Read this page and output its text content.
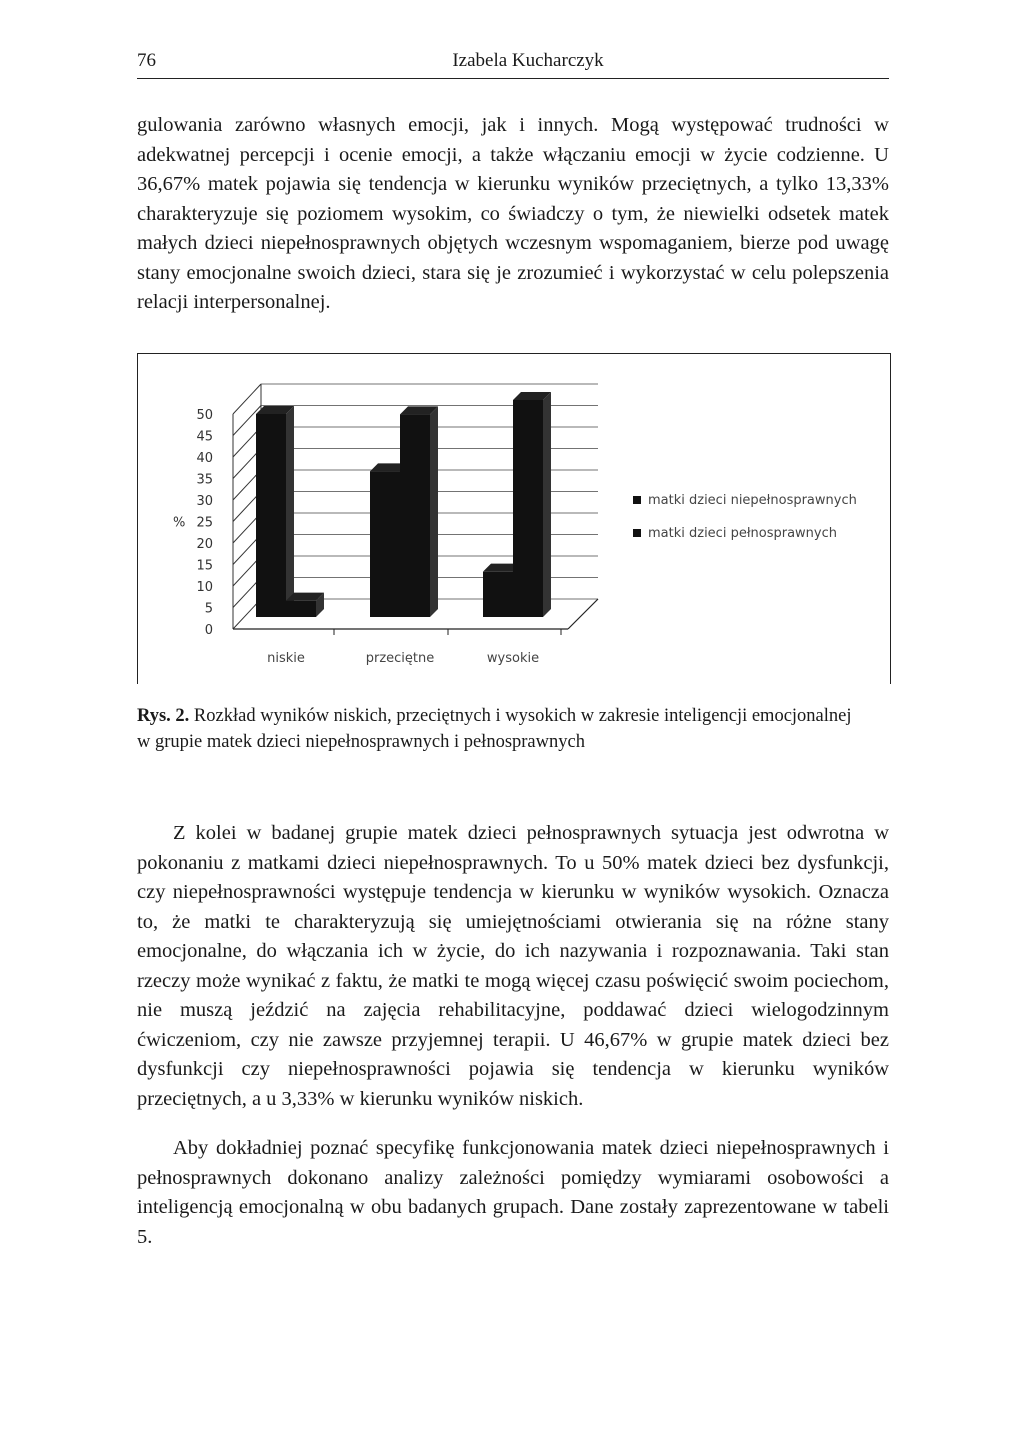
76	Izabela Kucharczyk

gulowania zarówno własnych emocji, jak i innych. Mogą występować trudności w adekwatnej percepcji i ocenie emocji, a także włączaniu emocji w życie codzienne. U 36,67% matek pojawia się tendencja w kierunku wyników przeciętnych, a tylko 13,33% charakteryzuje się poziomem wysokim, co świadczy o tym, że niewielki odsetek matek małych dzieci niepełnosprawnych objętych wczesnym wspomaganiem, bierze pod uwagę stany emocjonalne swoich dzieci, stara się je zrozumieć i wykorzystać w celu polepszenia relacji interpersonalnej.

50
45
40
35
30
25
20
15
10
5
0
%
niskie	przeciętne	wysokie
matki dzieci niepełnosprawnych
matki dzieci pełnosprawnych

Rys. 2. Rozkład wyników niskich, przeciętnych i wysokich w zakresie inteligencji emocjonalnej
w grupie matek dzieci niepełnosprawnych i pełnosprawnych

Z kolei w badanej grupie matek dzieci pełnosprawnych sytuacja jest odwrotna w pokonaniu z matkami dzieci niepełnosprawnych. To u 50% matek dzieci bez dysfunkcji, czy niepełnosprawności występuje tendencja w kierunku w wyników wysokich. Oznacza to, że matki te charakteryzują się umiejętnościami otwierania się na różne stany emocjonalne, do włączania ich w życie, do ich nazywania i rozpoznawania. Taki stan rzeczy może wynikać z faktu, że matki te mogą więcej czasu poświęcić swoim pociechom, nie muszą jeździć na zajęcia rehabilitacyjne, poddawać dzieci wielogodzinnym ćwiczeniom, czy nie zawsze przyjemnej terapii. U 46,67% w grupie matek dzieci bez dysfunkcji czy niepełnosprawności pojawia się tendencja w kierunku wyników przeciętnych, a u 3,33% w kierunku wyników niskich.

Aby dokładniej poznać specyfikę funkcjonowania matek dzieci niepełnosprawnych i pełnosprawnych dokonano analizy zależności pomiędzy wymiarami osobowości a inteligencją emocjonalną w obu badanych grupach. Dane zostały zaprezentowane w tabeli 5.
